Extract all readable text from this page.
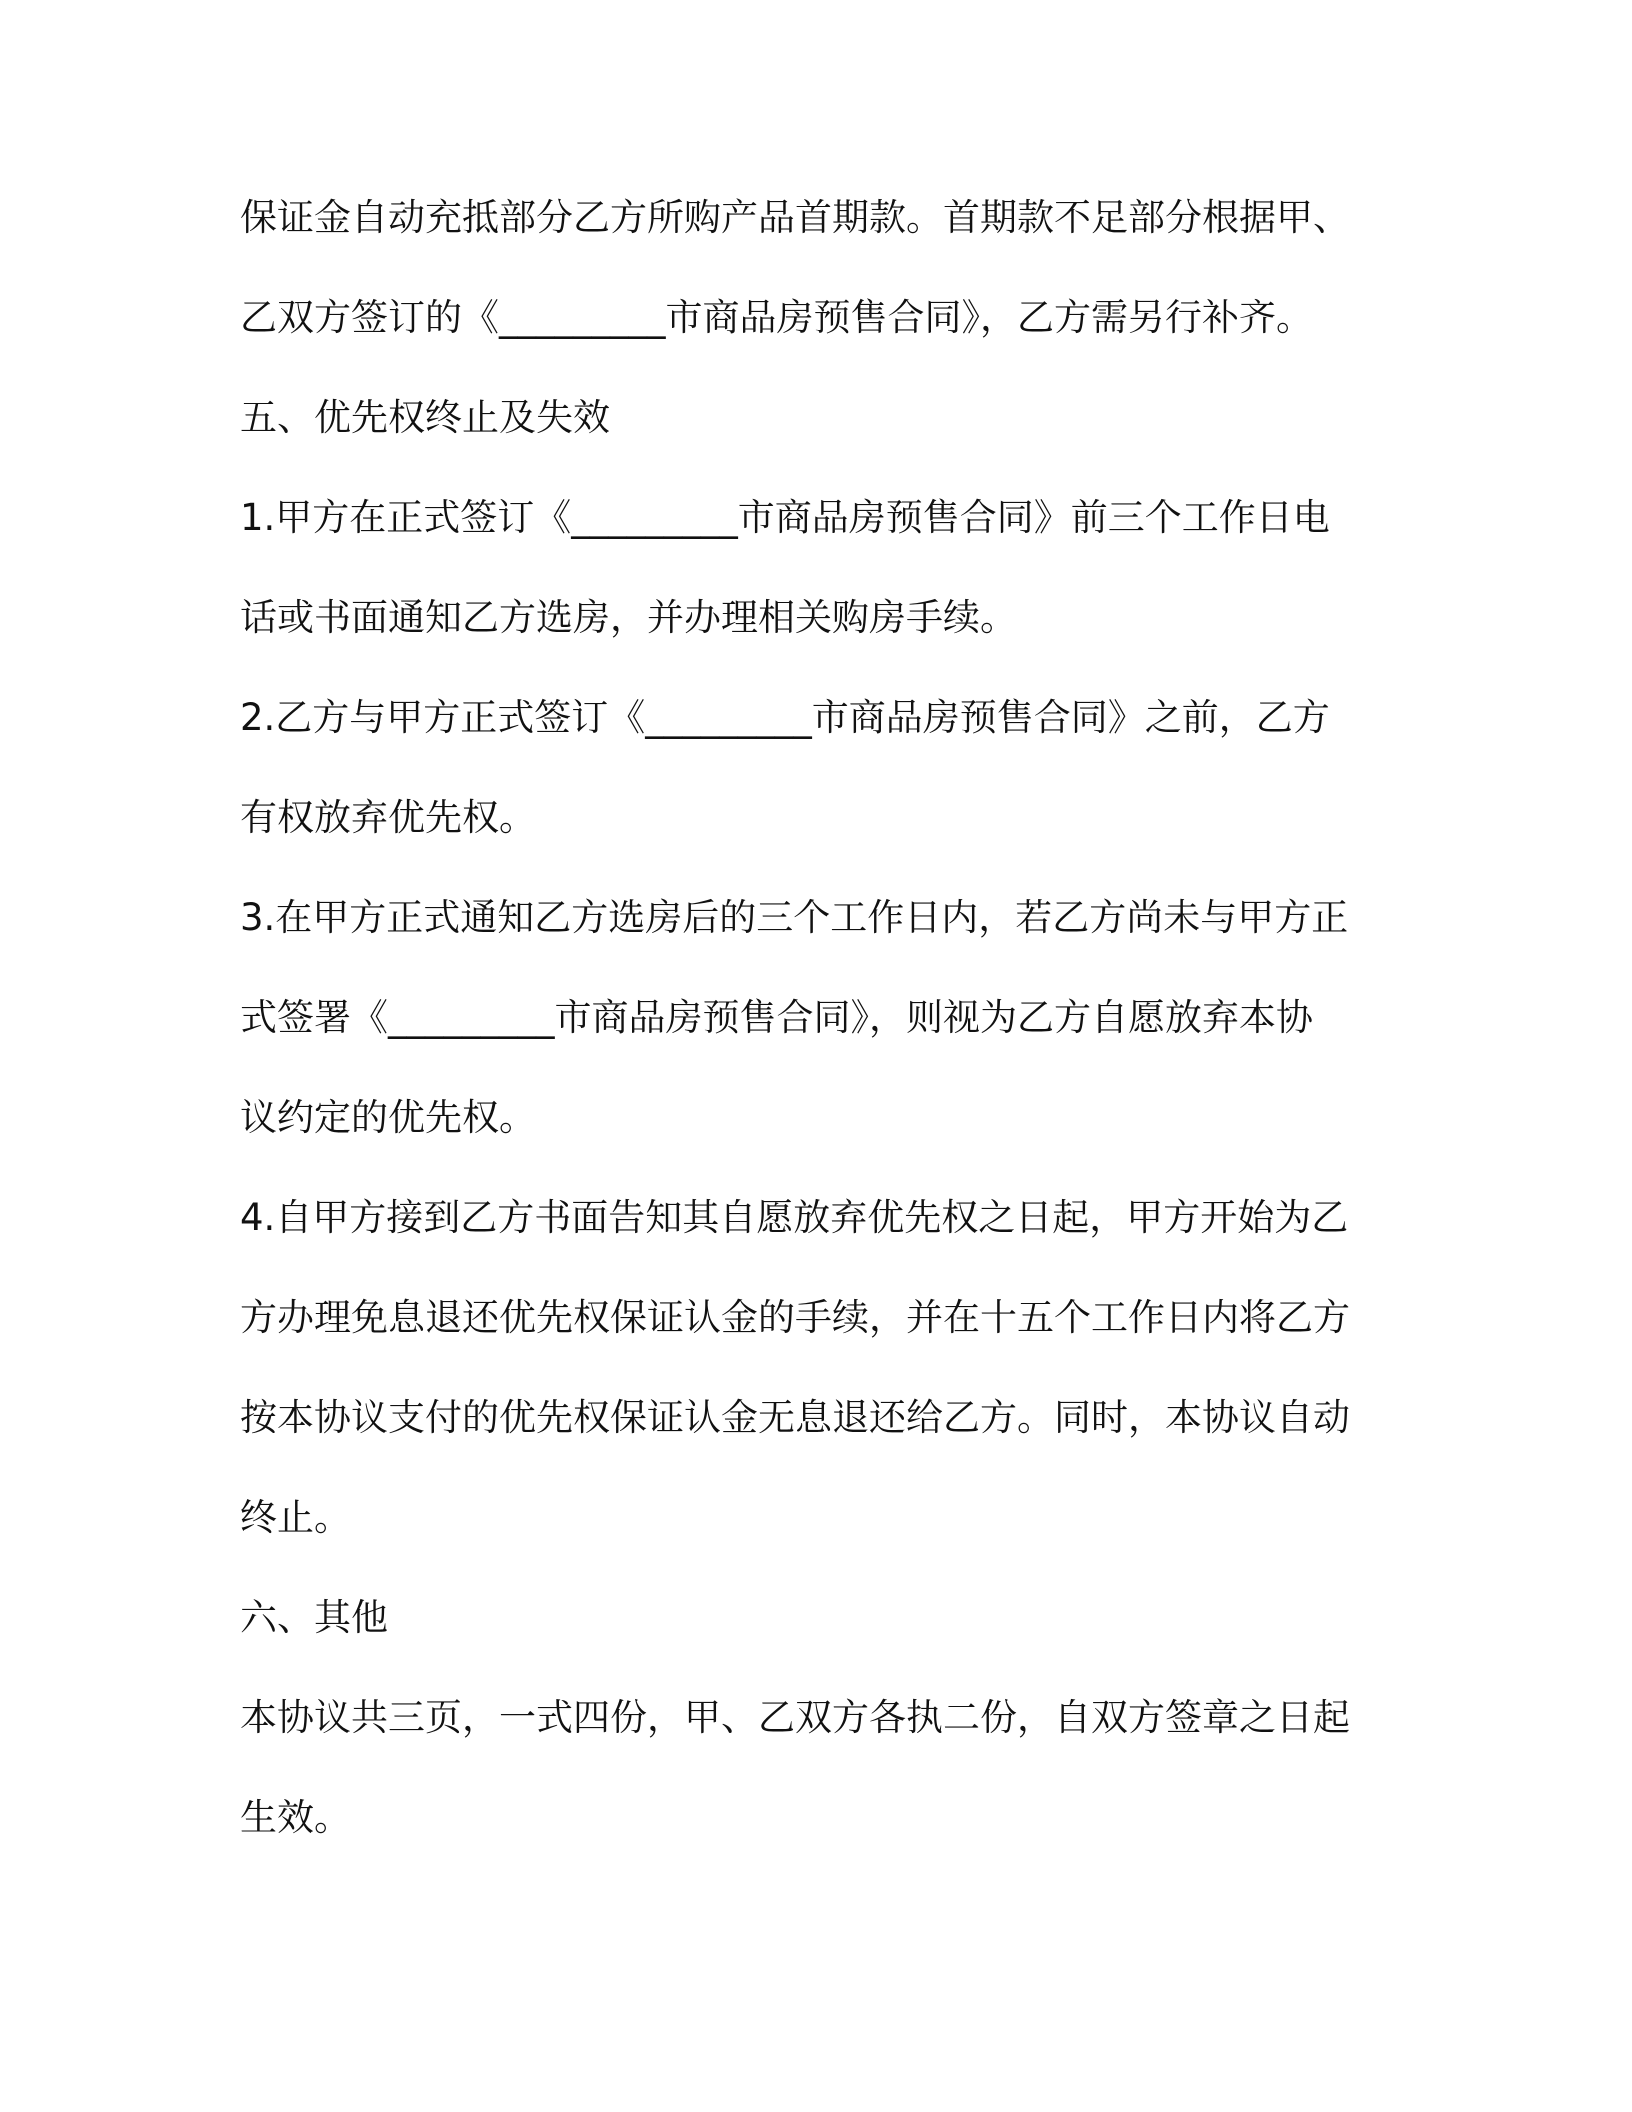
保证金自动充抵部分乙方所购产品首期款。首期款不足部分根据甲、
乙双方签订的《_________市商品房预售合同》，乙方需另行补齐。
五、优先权终止及失效
1.甲方在正式签订《_________市商品房预售合同》前三个工作日电
话或书面通知乙方选房，并办理相关购房手续。
2.乙方与甲方正式签订《_________市商品房预售合同》之前，乙方
有权放弃优先权。
3.在甲方正式通知乙方选房后的三个工作日内，若乙方尚未与甲方正
式签署《_________市商品房预售合同》，则视为乙方自愿放弃本协
议约定的优先权。
4.自甲方接到乙方书面告知其自愿放弃优先权之日起，甲方开始为乙
方办理免息退还优先权保证认金的手续，并在十五个工作日内将乙方
按本协议支付的优先权保证认金无息退还给乙方。同时，本协议自动
终止。
六、其他
本协议共三页，一式四份，甲、乙双方各执二份，自双方签章之日起
生效。
